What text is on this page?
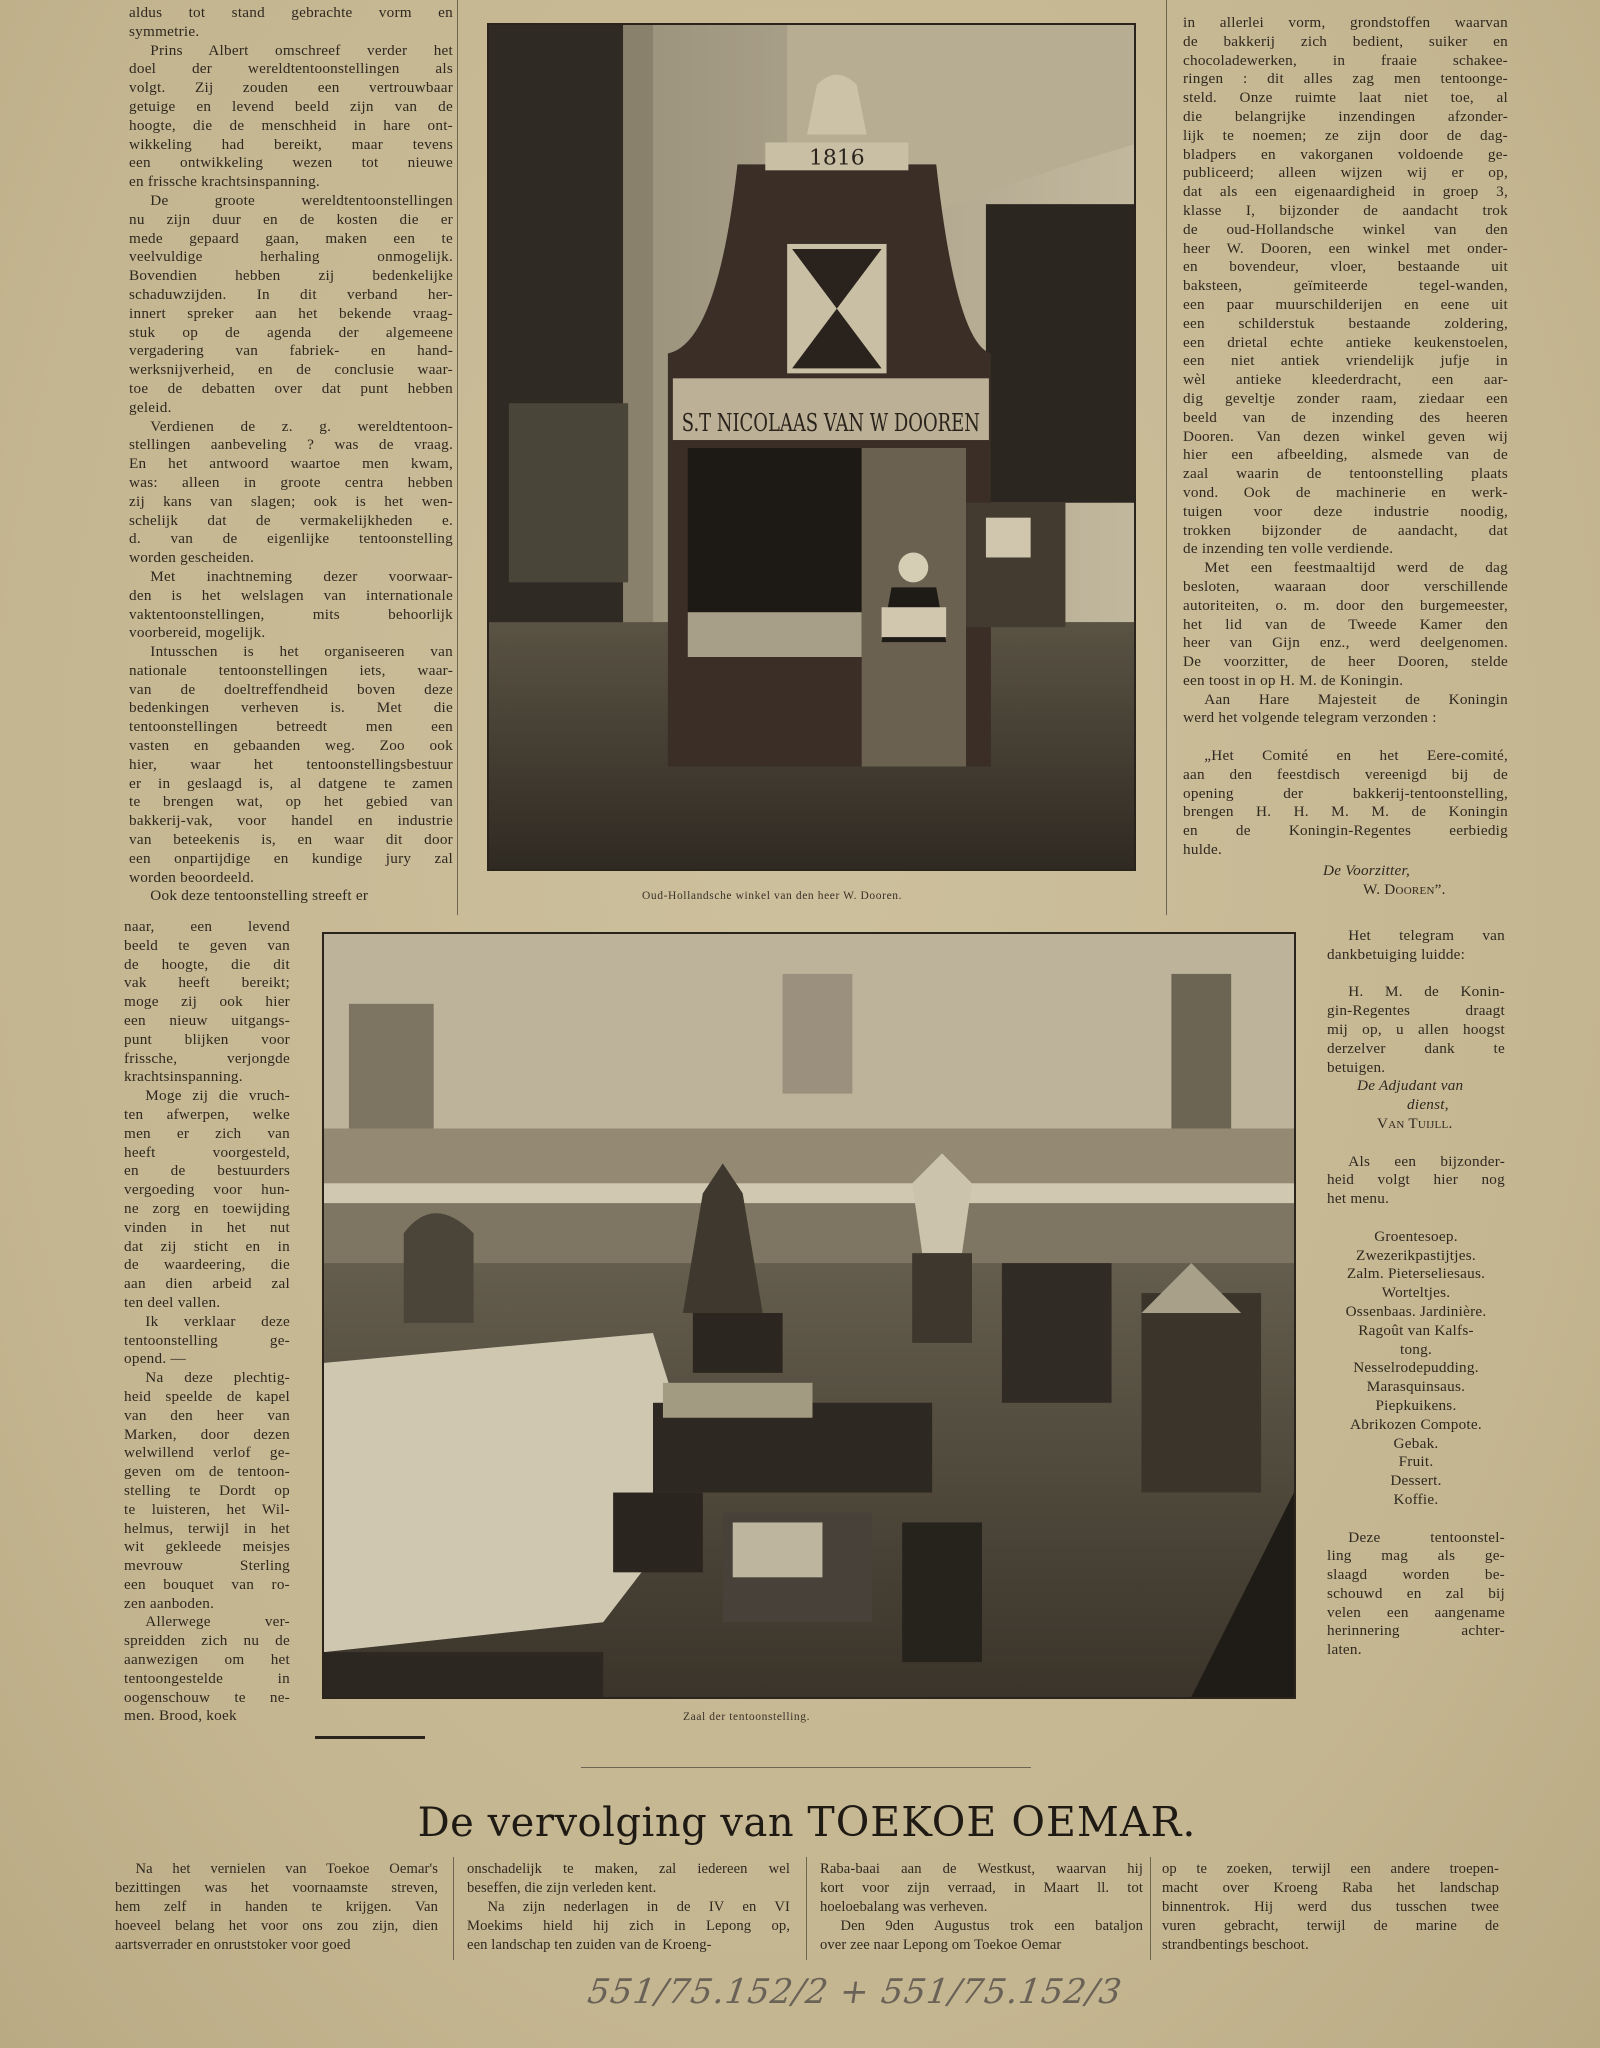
aldus tot stand gebrachte vorm en
symmetrie.
Prins Albert omschreef verder het
doel der wereldtentoonstellingen als
volgt. Zij zouden een vertrouwbaar
getuige en levend beeld zijn van de
hoogte, die de menschheid in hare ont-
wikkeling had bereikt, maar tevens
een ontwikkeling wezen tot nieuwe
en frissche krachtsinspanning.
De groote wereldtentoonstellingen
nu zijn duur en de kosten die er
mede gepaard gaan, maken een te
veelvuldige herhaling onmogelijk.
Bovendien hebben zij bedenkelijke
schaduwzijden. In dit verband her-
innert spreker aan het bekende vraag-
stuk op de agenda der algemeene
vergadering van fabriek- en hand-
werksnijverheid, en de conclusie waar-
toe de debatten over dat punt hebben
geleid.
Verdienen de z. g. wereldtentoon-
stellingen aanbeveling ? was de vraag.
En het antwoord waartoe men kwam,
was: alleen in groote centra hebben
zij kans van slagen; ook is het wen-
schelijk dat de vermakelijkheden e.
d. van de eigenlijke tentoonstelling
worden gescheiden.
Met inachtneming dezer voorwaar-
den is het welslagen van internationale
vaktentoonstellingen, mits behoorlijk
voorbereid, mogelijk.
Intusschen is het organiseeren van
nationale tentoonstellingen iets, waar-
van de doeltreffendheid boven deze
bedenkingen verheven is. Met die
tentoonstellingen betreedt men een
vasten en gebaanden weg. Zoo ook
hier, waar het tentoonstellingsbestuur
er in geslaagd is, al datgene te zamen
te brengen wat, op het gebied van
bakkerij-vak, voor handel en industrie
van beteekenis is, en waar dit door
een onpartijdige en kundige jury zal
worden beoordeeld.
Ook deze tentoonstelling streeft er
1816
S.T NICOLAAS VAN W DOOREN
Oud-Hollandsche winkel van den heer W. Dooren.
in allerlei vorm, grondstoffen waarvan
de bakkerij zich bedient, suiker en
chocoladewerken, in fraaie schakee-
ringen : dit alles zag men tentoonge-
steld. Onze ruimte laat niet toe, al
die belangrijke inzendingen afzonder-
lijk te noemen; ze zijn door de dag-
bladpers en vakorganen voldoende ge-
publiceerd; alleen wijzen wij er op,
dat als een eigenaardigheid in groep 3,
klasse I, bijzonder de aandacht trok
de oud-Hollandsche winkel van den
heer W. Dooren, een winkel met onder-
en bovendeur, vloer, bestaande uit
baksteen, geïmiteerde tegel-wanden,
een paar muurschilderijen en eene uit
een schilderstuk bestaande zoldering,
een drietal echte antieke keukenstoelen,
een niet antiek vriendelijk jufje in
wèl antieke kleederdracht, een aar-
dig geveltje zonder raam, ziedaar een
beeld van de inzending des heeren
Dooren. Van dezen winkel geven wij
hier een afbeelding, alsmede van de
zaal waarin de tentoonstelling plaats
vond. Ook de machinerie en werk-
tuigen voor deze industrie noodig,
trokken bijzonder de aandacht, dat
de inzending ten volle verdiende.
Met een feestmaaltijd werd de dag
besloten, waaraan door verschillende
autoriteiten, o. m. door den burgemeester,
het lid van de Tweede Kamer den
heer van Gijn enz., werd deelgenomen.
De voorzitter, de heer Dooren, stelde
een toost in op H. M. de Koningin.
Aan Hare Majesteit de Koningin
werd het volgende telegram verzonden :
„Het Comité en het Eere-comité,
aan den feestdisch vereenigd bij de
opening der bakkerij-tentoonstelling,
brengen H. H. M. M. de Koningin
en de Koningin-Regentes eerbiedig
hulde.
De Voorzitter,
W. Dooren”.
naar, een levend
beeld te geven van
de hoogte, die dit
vak heeft bereikt;
moge zij ook hier
een nieuw uitgangs-
punt blijken voor
frissche, verjongde
krachtsinspanning.
Moge zij die vruch-
ten afwerpen, welke
men er zich van
heeft voorgesteld,
en de bestuurders
vergoeding voor hun-
ne zorg en toewijding
vinden in het nut
dat zij sticht en in
de waardeering, die
aan dien arbeid zal
ten deel vallen.
Ik verklaar deze
tentoonstelling ge-
opend. —
Na deze plechtig-
heid speelde de kapel
van den heer van
Marken, door dezen
welwillend verlof ge-
geven om de tentoon-
stelling te Dordt op
te luisteren, het Wil-
helmus, terwijl in het
wit gekleede meisjes
mevrouw Sterling
een bouquet van ro-
zen aanboden.
Allerwege ver-
spreidden zich nu de
aanwezigen om het
tentoongestelde in
oogenschouw te ne-
men. Brood, koek	Zaal der tentoonstelling.
Het telegram van
dankbetuiging luidde:
H. M. de Konin-
gin-Regentes draagt
mij op, u allen hoogst
derzelver dank te
betuigen.
De Adjudant van
dienst,
Van Tuijll.
Als een bijzonder-
heid volgt hier nog
het menu.
Groentesoep.
Zwezerikpastijtjes.
Zalm. Pieterseliesaus.
Worteltjes.
Ossenbaas. Jardinière.
Ragoût van Kalfs-
tong.
Nesselrodepudding.
Marasquinsaus.
Piepkuikens.
Abrikozen Compote.
Gebak.
Fruit.
Dessert.
Koffie.
Deze tentoonstel-
ling mag als ge-
slaagd worden be-
schouwd en zal bij
velen een aangename
herinnering achter-
laten.
De vervolging van TOEKOE OEMAR.
Na het vernielen van Toekoe Oemar's
bezittingen was het voornaamste streven,
hem zelf in handen te krijgen. Van
hoeveel belang het voor ons zou zijn, dien
aartsverrader en onruststoker voor goed
onschadelijk te maken, zal iedereen wel
beseffen, die zijn verleden kent.
Na zijn nederlagen in de IV en VI
Moekims hield hij zich in Lepong op,
een landschap ten zuiden van de Kroeng-
Raba-baai aan de Westkust, waarvan hij
kort voor zijn verraad, in Maart ll. tot
hoeloebalang was verheven.
Den 9den Augustus trok een bataljon
over zee naar Lepong om Toekoe Oemar
op te zoeken, terwijl een andere troepen-
macht over Kroeng Raba het landschap
binnentrok. Hij werd dus tusschen twee
vuren gebracht, terwijl de marine de
strandbentings beschoot.
551/75.152/2 + 551/75.152/3
